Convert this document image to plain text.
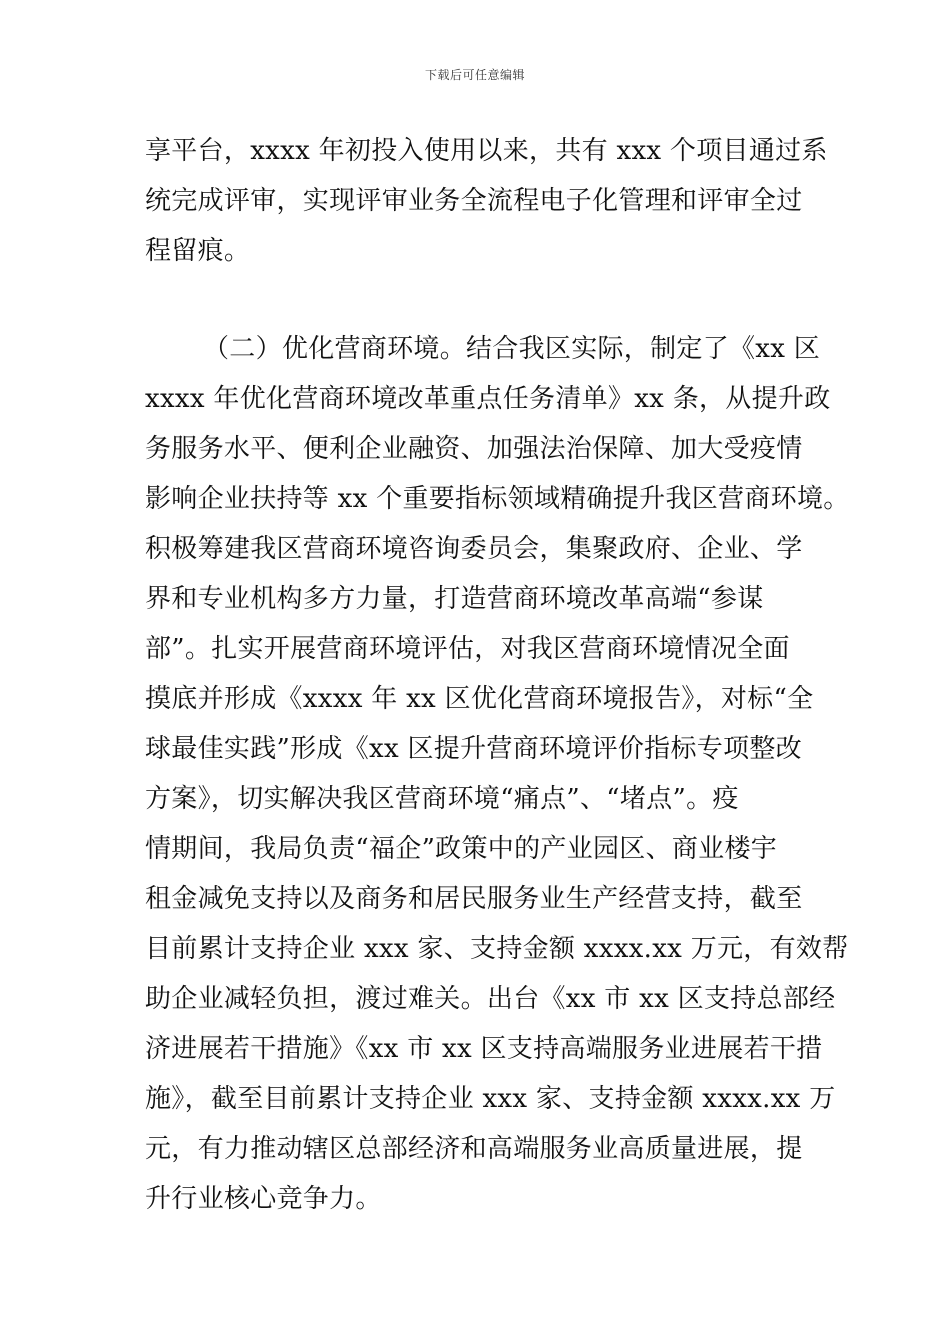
下载后可任意编辑
享平台，xxxx 年初投入使用以来，共有 xxx 个项目通过系
统完成评审，实现评审业务全流程电子化管理和评审全过
程留痕。
（二）优化营商环境。结合我区实际，制定了《xx 区
xxxx 年优化营商环境改革重点任务清单》xx 条，从提升政
务服务水平、便利企业融资、加强法治保障、加大受疫情
影响企业扶持等 xx 个重要指标领域精确提升我区营商环境。
积极筹建我区营商环境咨询委员会，集聚政府、企业、学
界和专业机构多方力量，打造营商环境改革高端“参谋
部”。扎实开展营商环境评估，对我区营商环境情况全面
摸底并形成《xxxx 年 xx 区优化营商环境报告》，对标“全
球最佳实践”形成《xx 区提升营商环境评价指标专项整改
方案》，切实解决我区营商环境“痛点”、“堵点”。疫
情期间，我局负责“福企”政策中的产业园区、商业楼宇
租金减免支持以及商务和居民服务业生产经营支持，截至
目前累计支持企业 xxx 家、支持金额 xxxx.xx 万元，有效帮
助企业减轻负担，渡过难关。出台《xx 市 xx 区支持总部经
济进展若干措施》《xx 市 xx 区支持高端服务业进展若干措
施》，截至目前累计支持企业 xxx 家、支持金额 xxxx.xx 万
元，有力推动辖区总部经济和高端服务业高质量进展，提
升行业核心竞争力。
